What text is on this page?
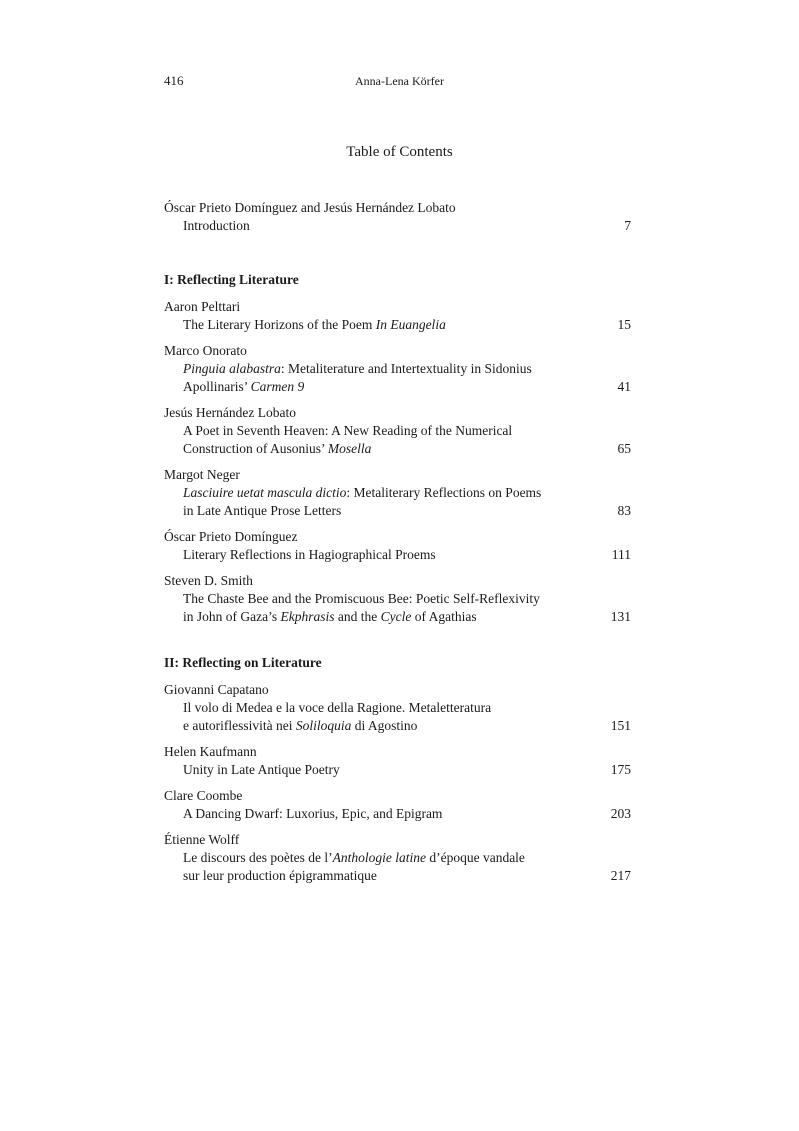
416	Anna-Lena Körfer
Table of Contents
Óscar Prieto Domínguez and Jesús Hernández Lobato
Introduction	7
I: Reflecting Literature
Aaron Pelttari
The Literary Horizons of the Poem In Euangelia	15
Marco Onorato
Pinguia alabastra: Metaliterature and Intertextuality in Sidonius
Apollinaris’ Carmen 9	41
Jesús Hernández Lobato
A Poet in Seventh Heaven: A New Reading of the Numerical
Construction of Ausonius’ Mosella	65
Margot Neger
Lasciuire uetat mascula dictio: Metaliterary Reflections on Poems
in Late Antique Prose Letters	83
Óscar Prieto Domínguez
Literary Reflections in Hagiographical Proems	111
Steven D. Smith
The Chaste Bee and the Promiscuous Bee: Poetic Self-Reflexivity
in John of Gaza’s Ekphrasis and the Cycle of Agathias	131
II: Reflecting on Literature
Giovanni Capatano
Il volo di Medea e la voce della Ragione. Metaletteratura
e autoriflessività nei Soliloquia di Agostino	151
Helen Kaufmann
Unity in Late Antique Poetry	175
Clare Coombe
A Dancing Dwarf: Luxorius, Epic, and Epigram	203
Étienne Wolff
Le discours des poètes de l’Anthologie latine d’époque vandale
sur leur production épigrammatique	217
